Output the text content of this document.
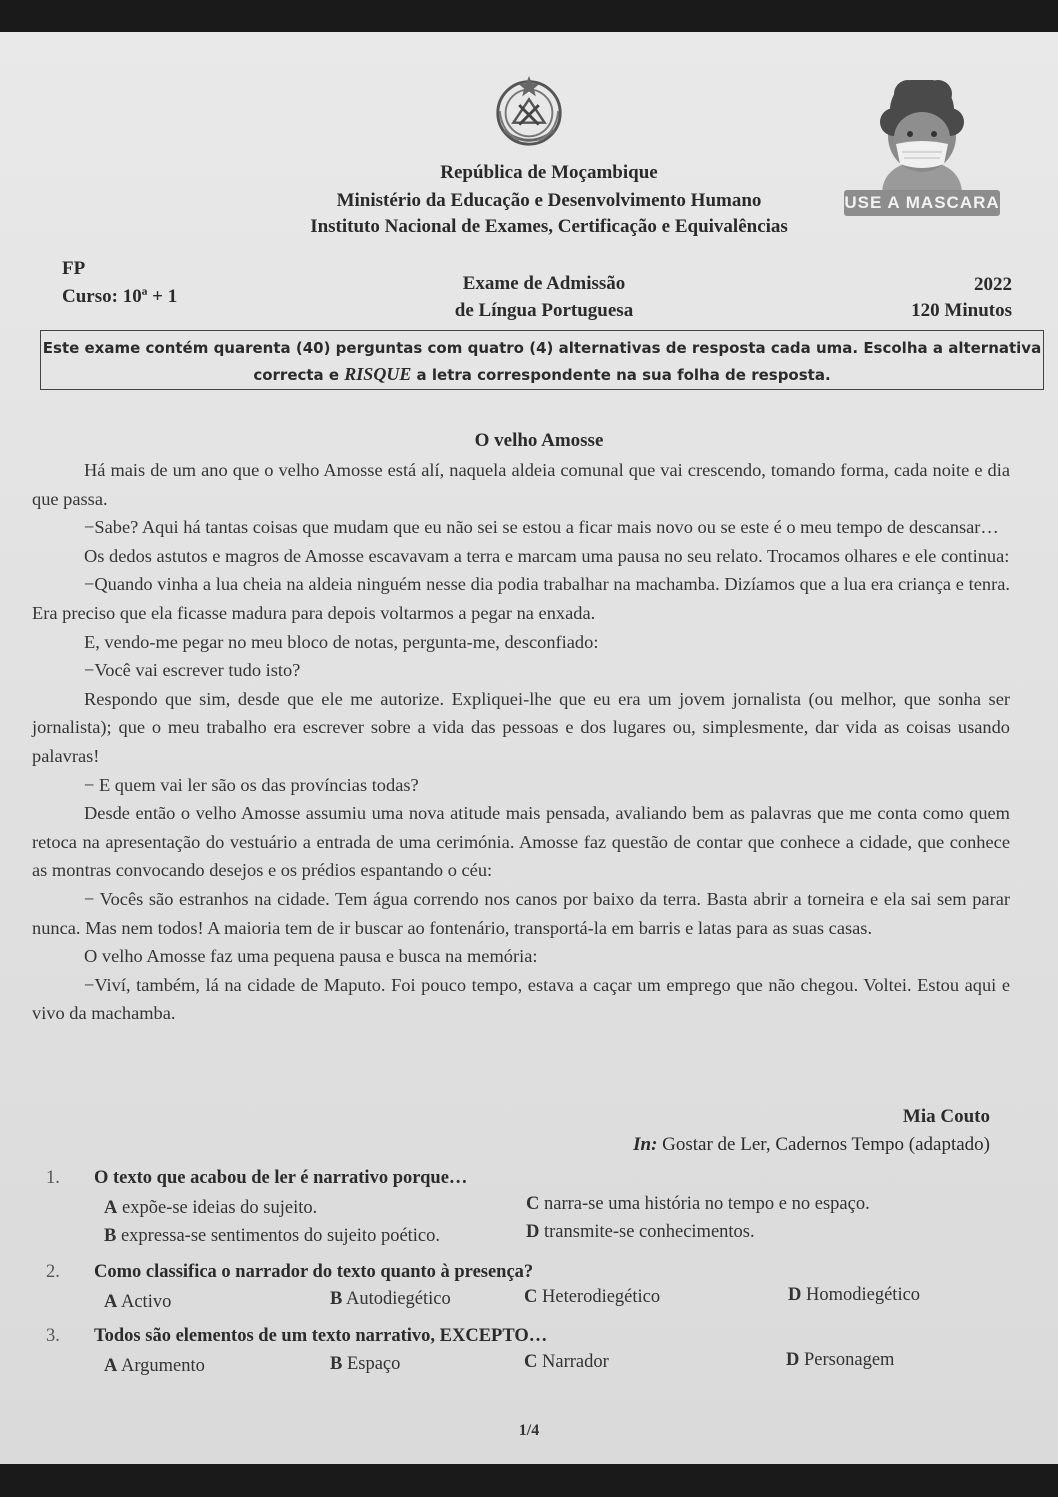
USE A MASCARA
República de Moçambique
Ministério da Educação e Desenvolvimento Humano
Instituto Nacional de Exames, Certificação e Equivalências
FP
Curso: 10ª + 1
Exame de Admissão
de Língua Portuguesa
2022
120 Minutos
Este exame contém quarenta (40) perguntas com quatro (4) alternativas de resposta cada uma. Escolha a alternativa correcta e RISQUE a letra correspondente na sua folha de resposta.
O velho Amosse

Há mais de um ano que o velho Amosse está alí, naquela aldeia comunal que vai crescendo, tomando forma, cada noite e dia que passa.

−Sabe? Aqui há tantas coisas que mudam que eu não sei se estou a ficar mais novo ou se este é o meu tempo de descansar…

Os dedos astutos e magros de Amosse escavavam a terra e marcam uma pausa no seu relato. Trocamos olhares e ele continua:

−Quando vinha a lua cheia na aldeia ninguém nesse dia podia trabalhar na machamba. Dizíamos que a lua era criança e tenra. Era preciso que ela ficasse madura para depois voltarmos a pegar na enxada.

E, vendo-me pegar no meu bloco de notas, pergunta-me, desconfiado:

−Você vai escrever tudo isto?

Respondo que sim, desde que ele me autorize. Expliquei-lhe que eu era um jovem jornalista (ou melhor, que sonha ser jornalista); que o meu trabalho era escrever sobre a vida das pessoas e dos lugares ou, simplesmente, dar vida as coisas usando palavras!

− E quem vai ler são os das províncias todas?

Desde então o velho Amosse assumiu uma nova atitude mais pensada, avaliando bem as palavras que me conta como quem retoca na apresentação do vestuário a entrada de uma cerimónia. Amosse faz questão de contar que conhece a cidade, que conhece as montras convocando desejos e os prédios espantando o céu:

− Vocês são estranhos na cidade. Tem água correndo nos canos por baixo da terra. Basta abrir a torneira e ela sai sem parar nunca. Mas nem todos! A maioria tem de ir buscar ao fontenário, transportá-la em barris e latas para as suas casas.

O velho Amosse faz uma pequena pausa e busca na memória:

−Viví, também, lá na cidade de Maputo. Foi pouco tempo, estava a caçar um emprego que não chegou. Voltei. Estou aqui e vivo da machamba.

Mia Couto
In: Gostar de Ler, Cadernos Tempo (adaptado)
1. O texto que acabou de ler é narrativo porque…
A expõe-se ideias do sujeito.
B expressa-se sentimentos do sujeito poético.
C narra-se uma história no tempo e no espaço.
D transmite-se conhecimentos.
2. Como classifica o narrador do texto quanto à presença?
A Activo	B Autodiegético	C Heterodiegético	D Homodiegético
3. Todos são elementos de um texto narrativo, EXCEPTO…
A Argumento	B Espaço	C Narrador	D Personagem
1/4
